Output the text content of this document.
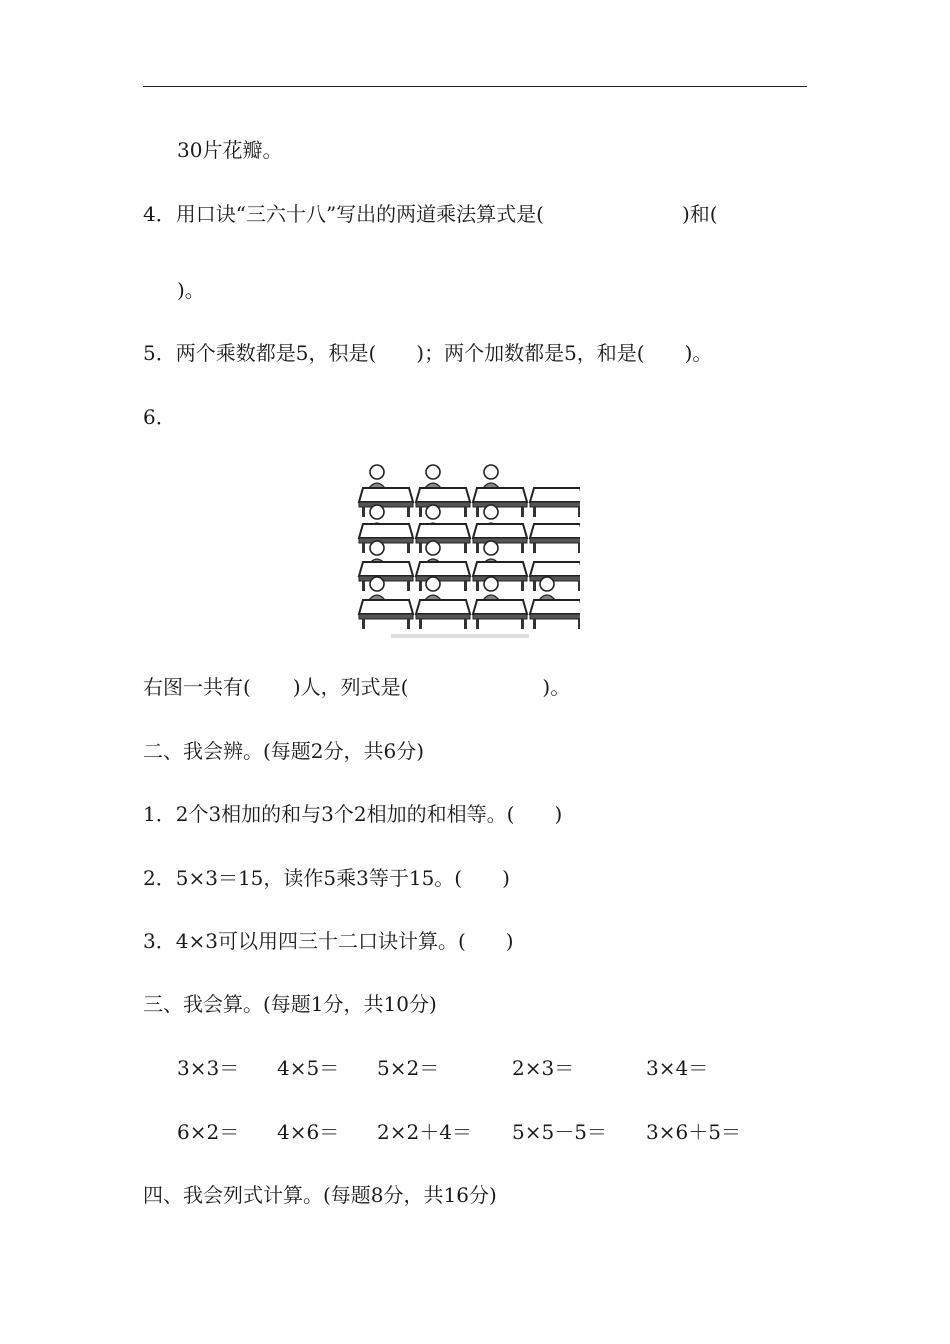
30片花瓣。
4．用口诀“三六十八”写出的两道乘法算式是(	)和(
)。
5．两个乘数都是5，积是( )；两个加数都是5，和是( )。
6．
右图一共有( )人，列式是(	)。
二、我会辨。(每题2分，共6分)
1．2个3相加的和与3个2相加的和相等。( )
2．5×3＝15，读作5乘3等于15。( )
3．4×3可以用四三十二口诀计算。( )
三、我会算。(每题1分，共10分)
3×3＝ 4×5＝ 5×2＝	2×3＝	3×4＝
6×2＝ 4×6＝ 2×2＋4＝ 5×5－5＝ 3×6＋5＝
四、我会列式计算。(每题8分，共16分)
